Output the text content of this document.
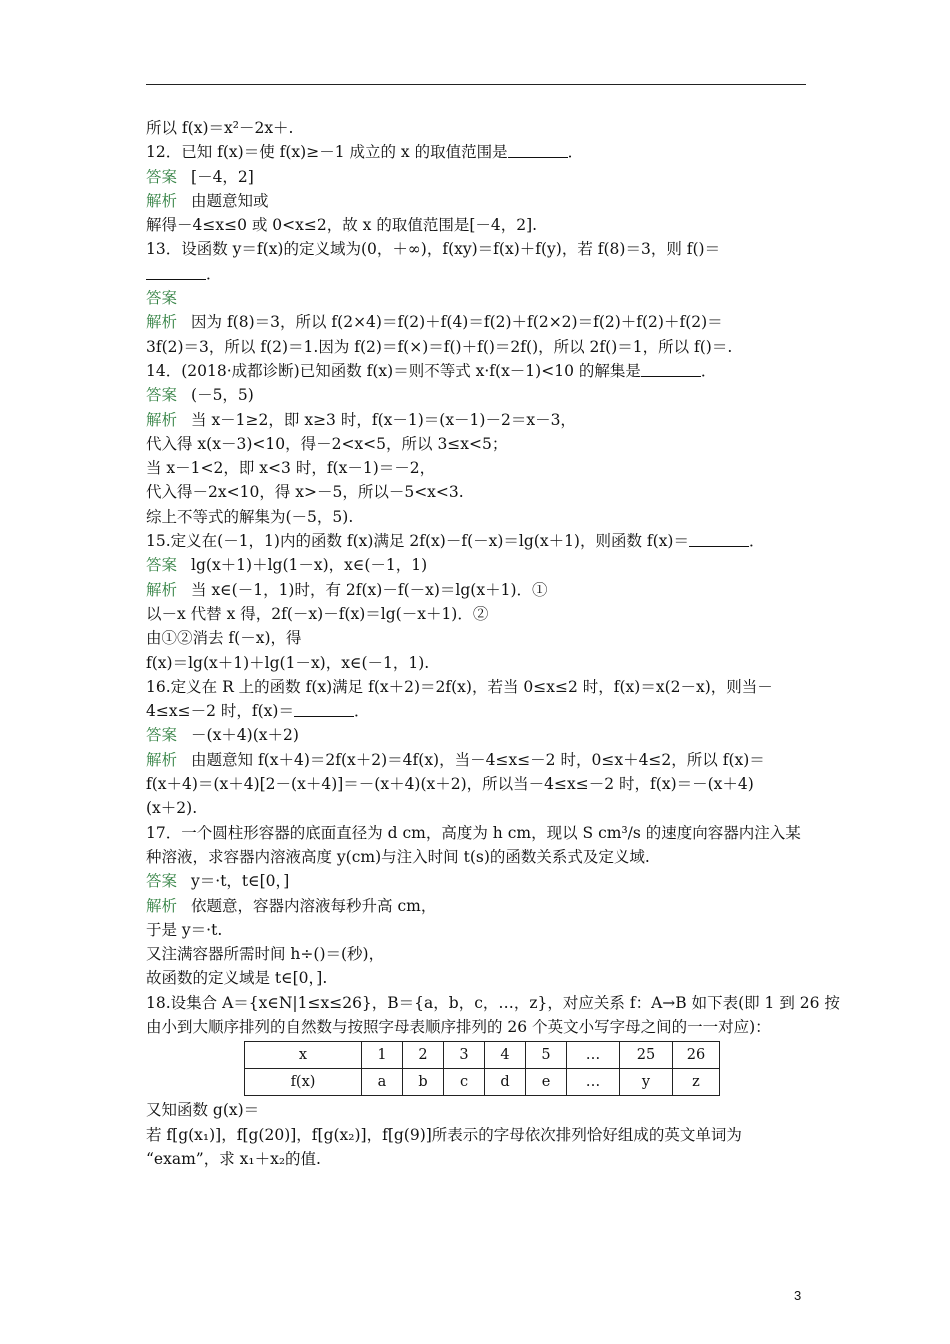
所以 f(x)＝x²－2x＋.
12．已知 f(x)＝使 f(x)≥－1 成立的 x 的取值范围是	．
答案 [－4，2]
解析 由题意知或
解得－4≤x≤0 或 0<x≤2，故 x 的取值范围是[－4，2].
13．设函数 y＝f(x)的定义域为(0，＋∞)，f(xy)＝f(x)＋f(y)，若 f(8)＝3，则 f()＝
．
答案
解析 因为 f(8)＝3，所以 f(2×4)＝f(2)＋f(4)＝f(2)＋f(2×2)＝f(2)＋f(2)＋f(2)＝
3f(2)＝3，所以 f(2)＝1.因为 f(2)＝f(×)＝f()＋f()＝2f()，所以 2f()＝1，所以 f()＝.
14．(2018·成都诊断)已知函数 f(x)＝则不等式 x·f(x－1)<10 的解集是	．
答案 (－5，5)
解析 当 x－1≥2，即 x≥3 时，f(x－1)＝(x－1)－2＝x－3，
代入得 x(x－3)<10，得－2<x<5，所以 3≤x<5；
当 x－1<2，即 x<3 时，f(x－1)＝－2，
代入得－2x<10，得 x>－5，所以－5<x<3.
综上不等式的解集为(－5，5).
15.定义在(－1，1)内的函数 f(x)满足 2f(x)－f(－x)＝lg(x＋1)，则函数 f(x)＝	．
答案 lg(x＋1)＋lg(1－x)，x∈(－1，1)
解析 当 x∈(－1，1)时，有 2f(x)－f(－x)＝lg(x＋1)．①
以－x 代替 x 得，2f(－x)－f(x)＝lg(－x＋1)．②
由①②消去 f(－x)，得
f(x)＝lg(x＋1)＋lg(1－x)，x∈(－1，1).
16.定义在 R 上的函数 f(x)满足 f(x＋2)＝2f(x)，若当 0≤x≤2 时，f(x)＝x(2－x)，则当－
4≤x≤－2 时，f(x)＝	．
答案 －(x＋4)(x＋2)
解析 由题意知 f(x＋4)＝2f(x＋2)＝4f(x)，当－4≤x≤－2 时，0≤x＋4≤2，所以 f(x)＝
f(x＋4)＝(x＋4)[2－(x＋4)]＝－(x＋4)(x＋2)，所以当－4≤x≤－2 时，f(x)＝－(x＋4)
(x＋2).
17．一个圆柱形容器的底面直径为 d cm，高度为 h cm，现以 S cm³/s 的速度向容器内注入某
种溶液，求容器内溶液高度 y(cm)与注入时间 t(s)的函数关系式及定义域.
答案 y＝·t，t∈[0，]
解析 依题意，容器内溶液每秒升高 cm，
于是 y＝·t.
又注满容器所需时间 h÷()＝(秒)，
故函数的定义域是 t∈[0，].
18.设集合 A＝{x∈N|1≤x≤26}，B＝{a，b，c，…，z}，对应关系 f：A→B 如下表(即 1 到 26 按
由小到大顺序排列的自然数与按照字母表顺序排列的 26 个英文小写字母之间的一一对应)：
x	1	2	3	4	5	…	25	26
f(x)	a	b	c	d	e	…	y	z
又知函数 g(x)＝
若 f[g(x₁)]，f[g(20)]，f[g(x₂)]，f[g(9)]所表示的字母依次排列恰好组成的英文单词为
“exam”，求 x₁＋x₂的值.
3
